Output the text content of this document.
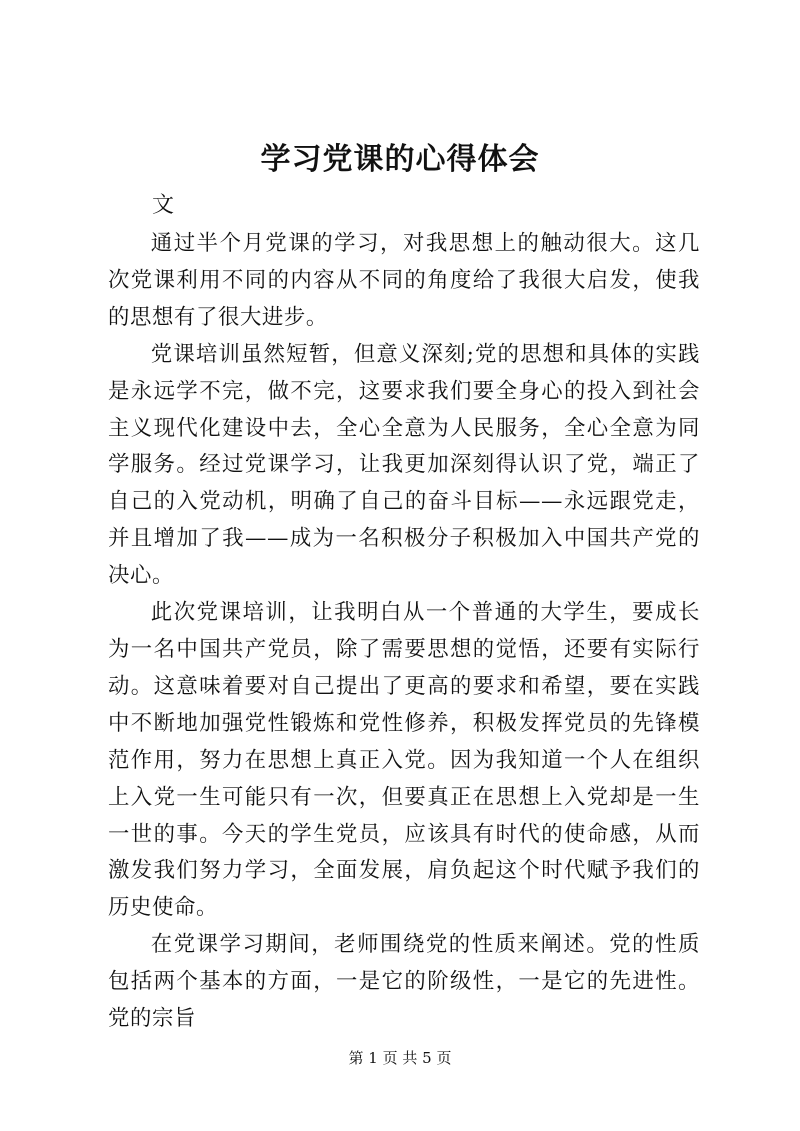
学习党课的心得体会

文

通过半个月党课的学习，对我思想上的触动很大。这几次党课利用不同的内容从不同的角度给了我很大启发，使我的思想有了很大进步。

党课培训虽然短暂，但意义深刻;党的思想和具体的实践是永远学不完，做不完，这要求我们要全身心的投入到社会主义现代化建设中去，全心全意为人民服务，全心全意为同学服务。经过党课学习，让我更加深刻得认识了党，端正了自己的入党动机，明确了自己的奋斗目标——永远跟党走，并且增加了我——成为一名积极分子积极加入中国共产党的决心。

此次党课培训，让我明白从一个普通的大学生，要成长为一名中国共产党员，除了需要思想的觉悟，还要有实际行动。这意味着要对自己提出了更高的要求和希望，要在实践中不断地加强党性锻炼和党性修养，积极发挥党员的先锋模范作用，努力在思想上真正入党。因为我知道一个人在组织上入党一生可能只有一次，但要真正在思想上入党却是一生一世的事。今天的学生党员，应该具有时代的使命感，从而激发我们努力学习，全面发展，肩负起这个时代赋予我们的历史使命。

在党课学习期间，老师围绕党的性质来阐述。党的性质包括两个基本的方面，一是它的阶级性，一是它的先进性。党的宗旨

第 1 页 共 5 页
